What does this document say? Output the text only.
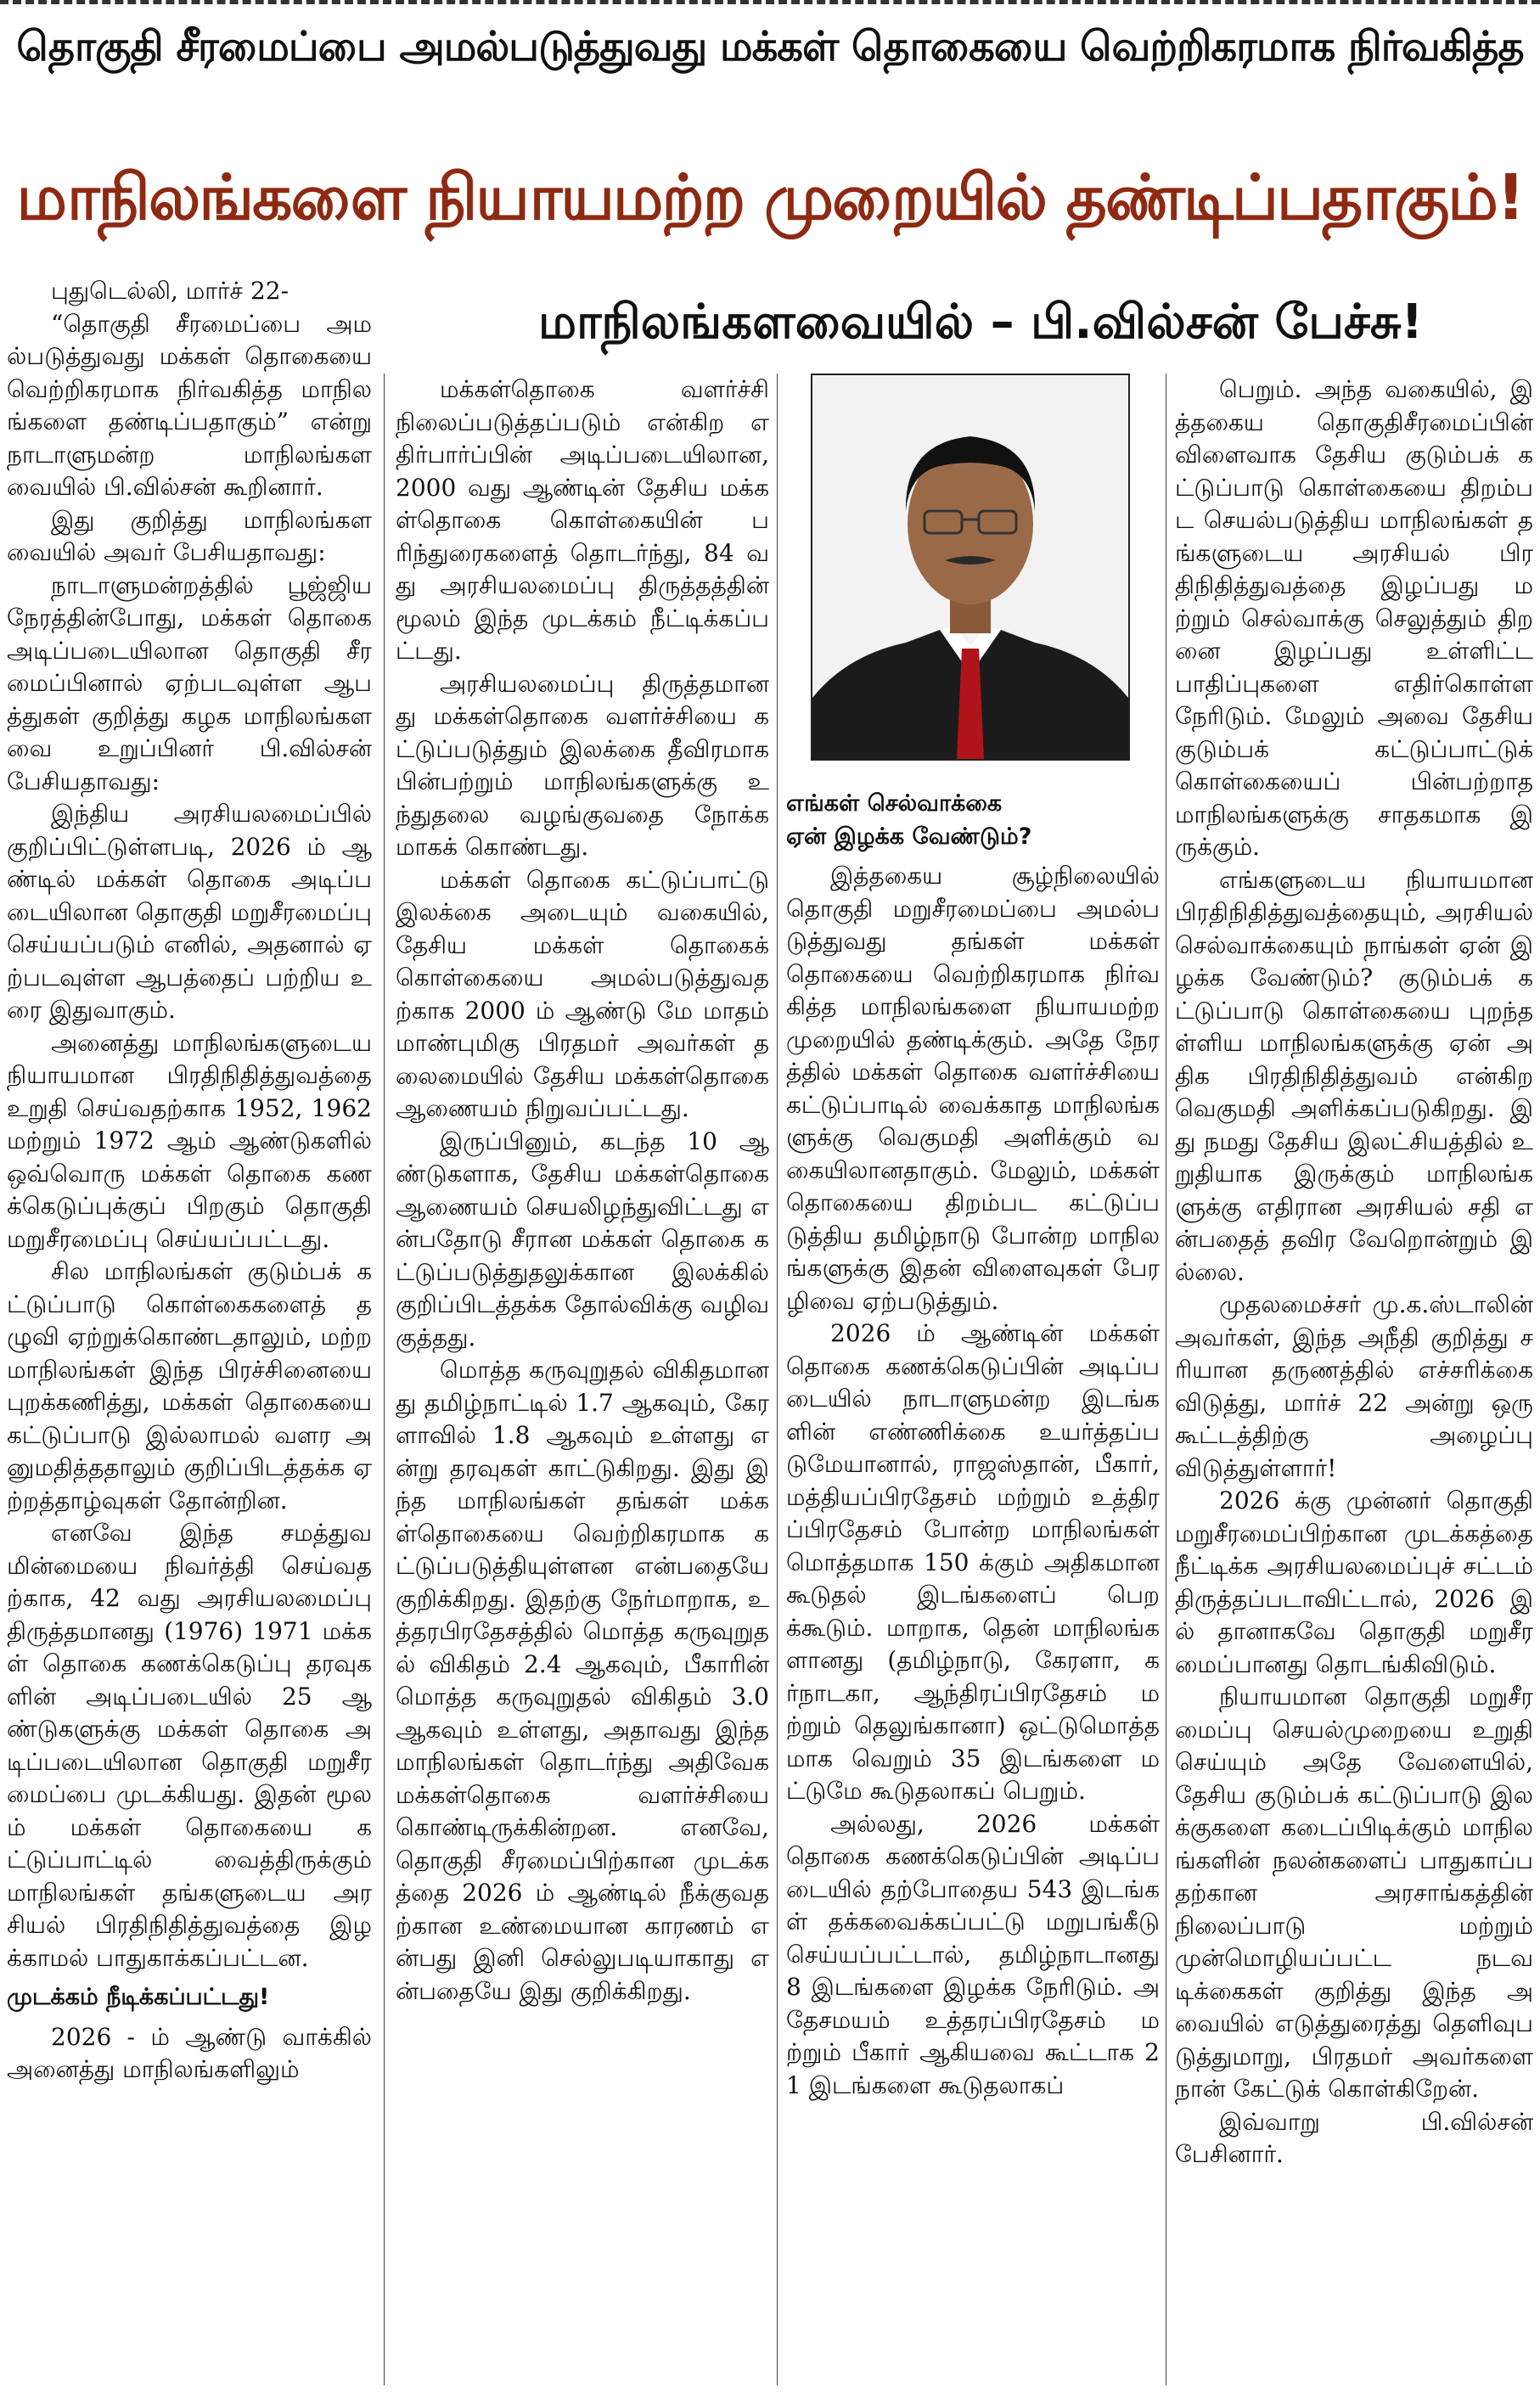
தொகுதி சீரமைப்பை அமல்படுத்துவது மக்கள் தொகையை வெற்றிகரமாக நிர்வகித்த
மாநிலங்களை நியாயமற்ற முறையில் தண்டிப்பதாகும்!
மாநிலங்களவையில் – பி.வில்சன் பேச்சு!

புதுடெல்லி, மார்ச் 22-

“தொகுதி சீரமைப்பை அமல்படுத்துவது மக்கள் தொகையை வெற்றிகரமாக நிர்வகித்த மாநிலங்களை தண்டிப்பதாகும்” என்று நாடாளுமன்ற மாநிலங்களவையில் பி.வில்சன் கூறினார்.

இது குறித்து மாநிலங்களவையில் அவர் பேசியதாவது:

நாடாளுமன்றத்தில் பூஜ்ஜிய நேரத்தின்போது, மக்கள் தொகை அடிப்படையிலான தொகுதி சீரமைப்பினால் ஏற்படவுள்ள ஆபத்துகள் குறித்து கழக மாநிலங்களவை உறுப்பினர் பி.வில்சன் பேசியதாவது:

இந்திய அரசியலமைப்பில் குறிப்பிட்டுள்ளபடி, 2026 ம் ஆண்டில் மக்கள் தொகை அடிப்படையிலான தொகுதி மறுசீரமைப்பு செய்யப்படும் எனில், அதனால் ஏற்படவுள்ள ஆபத்தைப் பற்றிய உரை இதுவாகும்.

அனைத்து மாநிலங்களுடைய நியாயமான பிரதிநிதித்துவத்தை உறுதி செய்வதற்காக 1952, 1962 மற்றும் 1972 ஆம் ஆண்டுகளில் ஒவ்வொரு மக்கள் தொகை கணக்கெடுப்புக்குப் பிறகும் தொகுதி மறுசீரமைப்பு செய்யப்பட்டது.

சில மாநிலங்கள் குடும்பக் கட்டுப்பாடு கொள்கைகளைத் தழுவி ஏற்றுக்கொண்டதாலும், மற்ற மாநிலங்கள் இந்த பிரச்சினையை புறக்கணித்து, மக்கள் தொகையை கட்டுப்பாடு இல்லாமல் வளர அனுமதித்ததாலும் குறிப்பிடத்தக்க ஏற்றத்தாழ்வுகள் தோன்றின.

எனவே இந்த சமத்துவமின்மையை நிவர்த்தி செய்வதற்காக, 42 வது அரசியலமைப்பு திருத்தமானது (1976) 1971 மக்கள் தொகை கணக்கெடுப்பு தரவுகளின் அடிப்படையில் 25 ஆண்டுகளுக்கு மக்கள் தொகை அடிப்படையிலான தொகுதி மறுசீரமைப்பை முடக்கியது. இதன் மூலம் மக்கள் தொகையை கட்டுப்பாட்டில் வைத்திருக்கும் மாநிலங்கள் தங்களுடைய அரசியல் பிரதிநிதித்துவத்தை இழக்காமல் பாதுகாக்கப்பட்டன.

முடக்கம் நீடிக்கப்பட்டது!

2026 - ம் ஆண்டு வாக்கில் அனைத்து மாநிலங்களிலும்

மக்கள்தொகை வளர்ச்சி நிலைப்படுத்தப்படும் என்கிற எதிர்பார்ப்பின் அடிப்படையிலான, 2000 வது ஆண்டின் தேசிய மக்கள்தொகை கொள்கையின் பரிந்துரைகளைத் தொடர்ந்து, 84 வது அரசியலமைப்பு திருத்தத்தின் மூலம் இந்த முடக்கம் நீட்டிக்கப்பட்டது.

அரசியலமைப்பு திருத்தமானது மக்கள்தொகை வளர்ச்சியை கட்டுப்படுத்தும் இலக்கை தீவிரமாக பின்பற்றும் மாநிலங்களுக்கு உந்துதலை வழங்குவதை நோக்கமாகக் கொண்டது.

மக்கள் தொகை கட்டுப்பாட்டு இலக்கை அடையும் வகையில், தேசிய மக்கள் தொகைக் கொள்கையை அமல்படுத்துவதற்காக 2000 ம் ஆண்டு மே மாதம் மாண்புமிகு பிரதமர் அவர்கள் தலைமையில் தேசிய மக்கள்தொகை ஆணையம் நிறுவப்பட்டது.

இருப்பினும், கடந்த 10 ஆண்டுகளாக, தேசிய மக்கள்தொகை ஆணையம் செயலிழந்துவிட்டது என்பதோடு சீரான மக்கள் தொகை கட்டுப்படுத்துதலுக்கான இலக்கில் குறிப்பிடத்தக்க தோல்விக்கு வழிவகுத்தது.

மொத்த கருவுறுதல் விகிதமானது தமிழ்நாட்டில் 1.7 ஆகவும், கேரளாவில் 1.8 ஆகவும் உள்ளது என்று தரவுகள் காட்டுகிறது. இது இந்த மாநிலங்கள் தங்கள் மக்கள்தொகையை வெற்றிகரமாக கட்டுப்படுத்தியுள்ளன என்பதையே குறிக்கிறது. இதற்கு நேர்மாறாக, உத்தரபிரதேசத்தில் மொத்த கருவுறுதல் விகிதம் 2.4 ஆகவும், பீகாரின் மொத்த கருவுறுதல் விகிதம் 3.0 ஆகவும் உள்ளது, அதாவது இந்த மாநிலங்கள் தொடர்ந்து அதிவேக மக்கள்தொகை வளர்ச்சியை கொண்டிருக்கின்றன. எனவே, தொகுதி சீரமைப்பிற்கான முடக்கத்தை 2026 ம் ஆண்டில் நீக்குவதற்கான உண்மையான காரணம் என்பது இனி செல்லுபடியாகாது என்பதையே இது குறிக்கிறது.

எங்கள் செல்வாக்கை
ஏன் இழக்க வேண்டும்?

இத்தகைய சூழ்நிலையில் தொகுதி மறுசீரமைப்பை அமல்படுத்துவது தங்கள் மக்கள் தொகையை வெற்றிகரமாக நிர்வகித்த மாநிலங்களை நியாயமற்ற முறையில் தண்டிக்கும். அதே நேரத்தில் மக்கள் தொகை வளர்ச்சியை கட்டுப்பாடில் வைக்காத மாநிலங்களுக்கு வெகுமதி அளிக்கும் வகையிலானதாகும். மேலும், மக்கள் தொகையை திறம்பட கட்டுப்படுத்திய தமிழ்நாடு போன்ற மாநிலங்களுக்கு இதன் விளைவுகள் பேரழிவை ஏற்படுத்தும்.

2026 ம் ஆண்டின் மக்கள் தொகை கணக்கெடுப்பின் அடிப்படையில் நாடாளுமன்ற இடங்களின் எண்ணிக்கை உயர்த்தப்படுமேயானால், ராஜஸ்தான், பீகார், மத்தியப்பிரதேசம் மற்றும் உத்திரப்பிரதேசம் போன்ற மாநிலங்கள் மொத்தமாக 150 க்கும் அதிகமான கூடுதல் இடங்களைப் பெறக்கூடும். மாறாக, தென் மாநிலங்களானது (தமிழ்நாடு, கேரளா, கர்நாடகா, ஆந்திரப்பிரதேசம் மற்றும் தெலுங்கானா) ஒட்டுமொத்தமாக வெறும் 35 இடங்களை மட்டுமே கூடுதலாகப் பெறும்.

அல்லது, 2026 மக்கள் தொகை கணக்கெடுப்பின் அடிப்படையில் தற்போதைய 543 இடங்கள் தக்கவைக்கப்பட்டு மறுபங்கீடு செய்யப்பட்டால், தமிழ்நாடானது 8 இடங்களை இழக்க நேரிடும். அதேசமயம் உத்தரப்பிரதேசம் மற்றும் பீகார் ஆகியவை கூட்டாக 21 இடங்களை கூடுதலாகப்

பெறும். அந்த வகையில், இத்தகைய தொகுதிசீரமைப்பின் விளைவாக தேசிய குடும்பக் கட்டுப்பாடு கொள்கையை திறம்பட செயல்படுத்திய மாநிலங்கள் தங்களுடைய அரசியல் பிரதிநிதித்துவத்தை இழப்பது மற்றும் செல்வாக்கு செலுத்தும் திறனை இழப்பது உள்ளிட்ட பாதிப்புகளை எதிர்கொள்ள நேரிடும். மேலும் அவை தேசிய குடும்பக் கட்டுப்பாட்டுக் கொள்கையைப் பின்பற்றாத மாநிலங்களுக்கு சாதகமாக இருக்கும்.

எங்களுடைய நியாயமான பிரதிநிதித்துவத்தையும், அரசியல் செல்வாக்கையும் நாங்கள் ஏன் இழக்க வேண்டும்? குடும்பக் கட்டுப்பாடு கொள்கையை புறந்தள்ளிய மாநிலங்களுக்கு ஏன் அதிக பிரதிநிதித்துவம் என்கிற வெகுமதி அளிக்கப்படுகிறது. இது நமது தேசிய இலட்சியத்தில் உறுதியாக இருக்கும் மாநிலங்களுக்கு எதிரான அரசியல் சதி என்பதைத் தவிர வேறொன்றும் இல்லை.

முதலமைச்சர் மு.க.ஸ்டாலின் அவர்கள், இந்த அநீதி குறித்து சரியான தருணத்தில் எச்சரிக்கை விடுத்து, மார்ச் 22 அன்று ஒரு கூட்டத்திற்கு அழைப்பு விடுத்துள்ளார்!

2026 க்கு முன்னர் தொகுதி மறுசீரமைப்பிற்கான முடக்கத்தை நீட்டிக்க அரசியலமைப்புச் சட்டம் திருத்தப்படாவிட்டால், 2026 இல் தானாகவே தொகுதி மறுசீரமைப்பானது தொடங்கிவிடும்.

நியாயமான தொகுதி மறுசீரமைப்பு செயல்முறையை உறுதி செய்யும் அதே வேளையில், தேசிய குடும்பக் கட்டுப்பாடு இலக்குகளை கடைப்பிடிக்கும் மாநிலங்களின் நலன்களைப் பாதுகாப்பதற்கான அரசாங்கத்தின் நிலைப்பாடு மற்றும் முன்மொழியப்பட்ட நடவடிக்கைகள் குறித்து இந்த அவையில் எடுத்துரைத்து தெளிவுபடுத்துமாறு, பிரதமர் அவர்களை நான் கேட்டுக் கொள்கிறேன்.

இவ்வாறு பி.வில்சன் பேசினார்.
